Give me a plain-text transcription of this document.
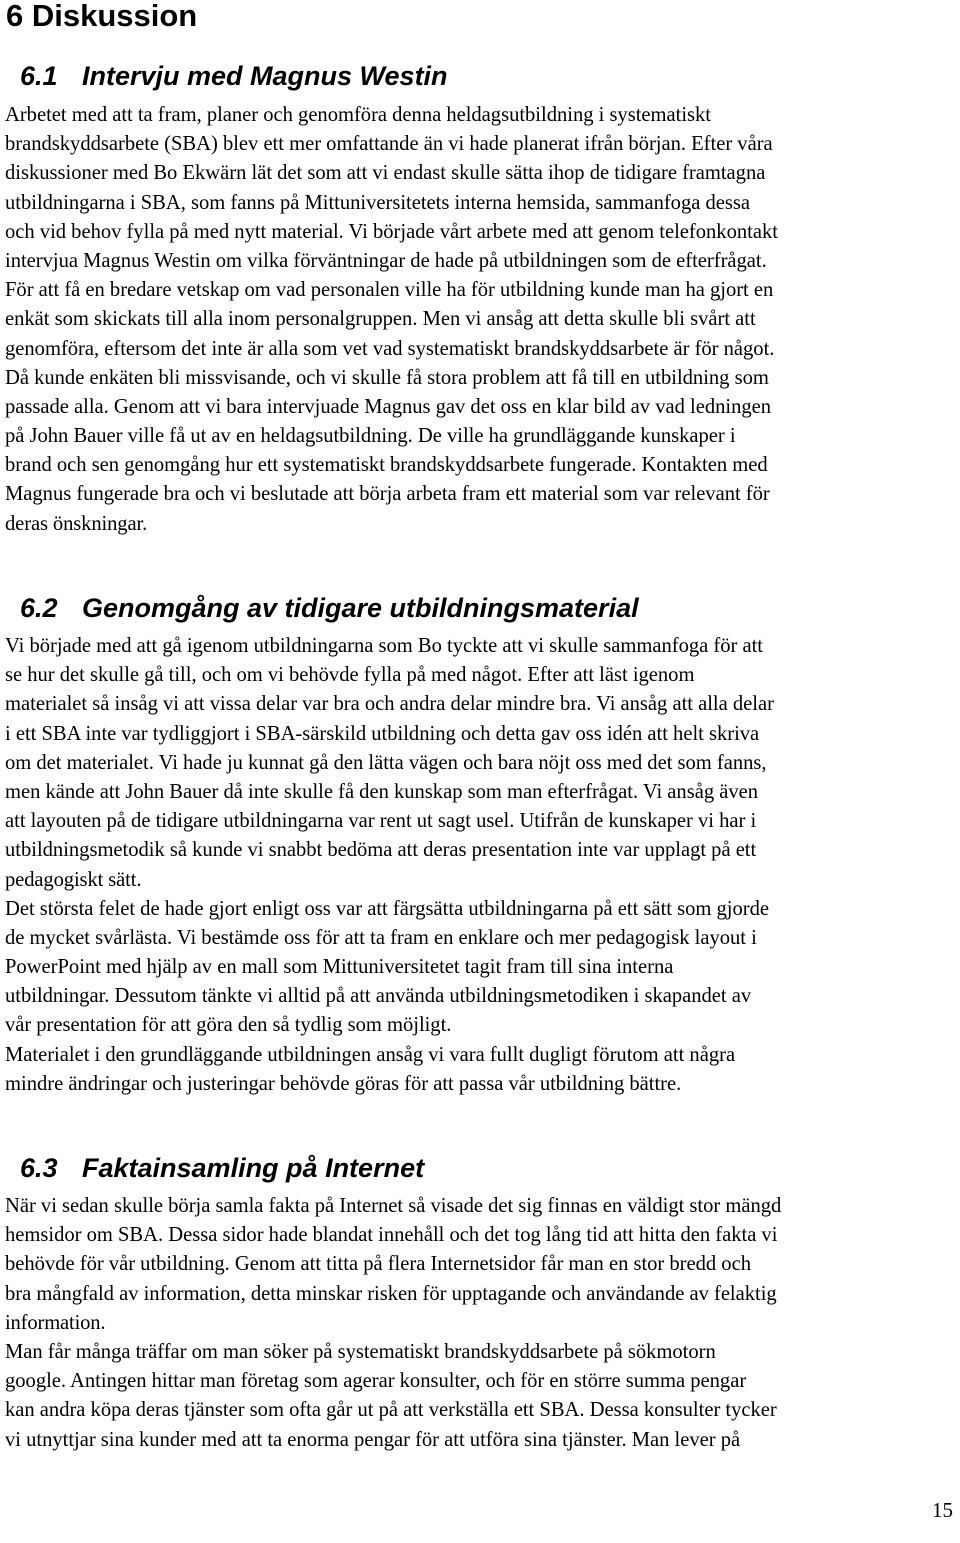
6 Diskussion
6.1 Intervju med Magnus Westin
Arbetet med att ta fram, planer och genomföra denna heldagsutbildning i systematiskt
brandskyddsarbete (SBA) blev ett mer omfattande än vi hade planerat ifrån början. Efter våra
diskussioner med Bo Ekwärn lät det som att vi endast skulle sätta ihop de tidigare framtagna
utbildningarna i SBA, som fanns på Mittuniversitetets interna hemsida, sammanfoga dessa
och vid behov fylla på med nytt material. Vi började vårt arbete med att genom telefonkontakt
intervjua Magnus Westin om vilka förväntningar de hade på utbildningen som de efterfrågat.
För att få en bredare vetskap om vad personalen ville ha för utbildning kunde man ha gjort en
enkät som skickats till alla inom personalgruppen. Men vi ansåg att detta skulle bli svårt att
genomföra, eftersom det inte är alla som vet vad systematiskt brandskyddsarbete är för något.
Då kunde enkäten bli missvisande, och vi skulle få stora problem att få till en utbildning som
passade alla. Genom att vi bara intervjuade Magnus gav det oss en klar bild av vad ledningen
på John Bauer ville få ut av en heldagsutbildning. De ville ha grundläggande kunskaper i
brand och sen genomgång hur ett systematiskt brandskyddsarbete fungerade. Kontakten med
Magnus fungerade bra och vi beslutade att börja arbeta fram ett material som var relevant för
deras önskningar.
6.2 Genomgång av tidigare utbildningsmaterial
Vi började med att gå igenom utbildningarna som Bo tyckte att vi skulle sammanfoga för att
se hur det skulle gå till, och om vi behövde fylla på med något. Efter att läst igenom
materialet så insåg vi att vissa delar var bra och andra delar mindre bra. Vi ansåg att alla delar
i ett SBA inte var tydliggjort i SBA-särskild utbildning och detta gav oss idén att helt skriva
om det materialet. Vi hade ju kunnat gå den lätta vägen och bara nöjt oss med det som fanns,
men kände att John Bauer då inte skulle få den kunskap som man efterfrågat. Vi ansåg även
att layouten på de tidigare utbildningarna var rent ut sagt usel. Utifrån de kunskaper vi har i
utbildningsmetodik så kunde vi snabbt bedöma att deras presentation inte var upplagt på ett
pedagogiskt sätt.
Det största felet de hade gjort enligt oss var att färgsätta utbildningarna på ett sätt som gjorde
de mycket svårlästa. Vi bestämde oss för att ta fram en enklare och mer pedagogisk layout i
PowerPoint med hjälp av en mall som Mittuniversitetet tagit fram till sina interna
utbildningar. Dessutom tänkte vi alltid på att använda utbildningsmetodiken i skapandet av
vår presentation för att göra den så tydlig som möjligt.
Materialet i den grundläggande utbildningen ansåg vi vara fullt dugligt förutom att några
mindre ändringar och justeringar behövde göras för att passa vår utbildning bättre.
6.3 Faktainsamling på Internet
När vi sedan skulle börja samla fakta på Internet så visade det sig finnas en väldigt stor mängd
hemsidor om SBA. Dessa sidor hade blandat innehåll och det tog lång tid att hitta den fakta vi
behövde för vår utbildning. Genom att titta på flera Internetsidor får man en stor bredd och
bra mångfald av information, detta minskar risken för upptagande och användande av felaktig
information.
Man får många träffar om man söker på systematiskt brandskyddsarbete på sökmotorn
google. Antingen hittar man företag som agerar konsulter, och för en större summa pengar
kan andra köpa deras tjänster som ofta går ut på att verkställa ett SBA. Dessa konsulter tycker
vi utnyttjar sina kunder med att ta enorma pengar för att utföra sina tjänster. Man lever på

15
